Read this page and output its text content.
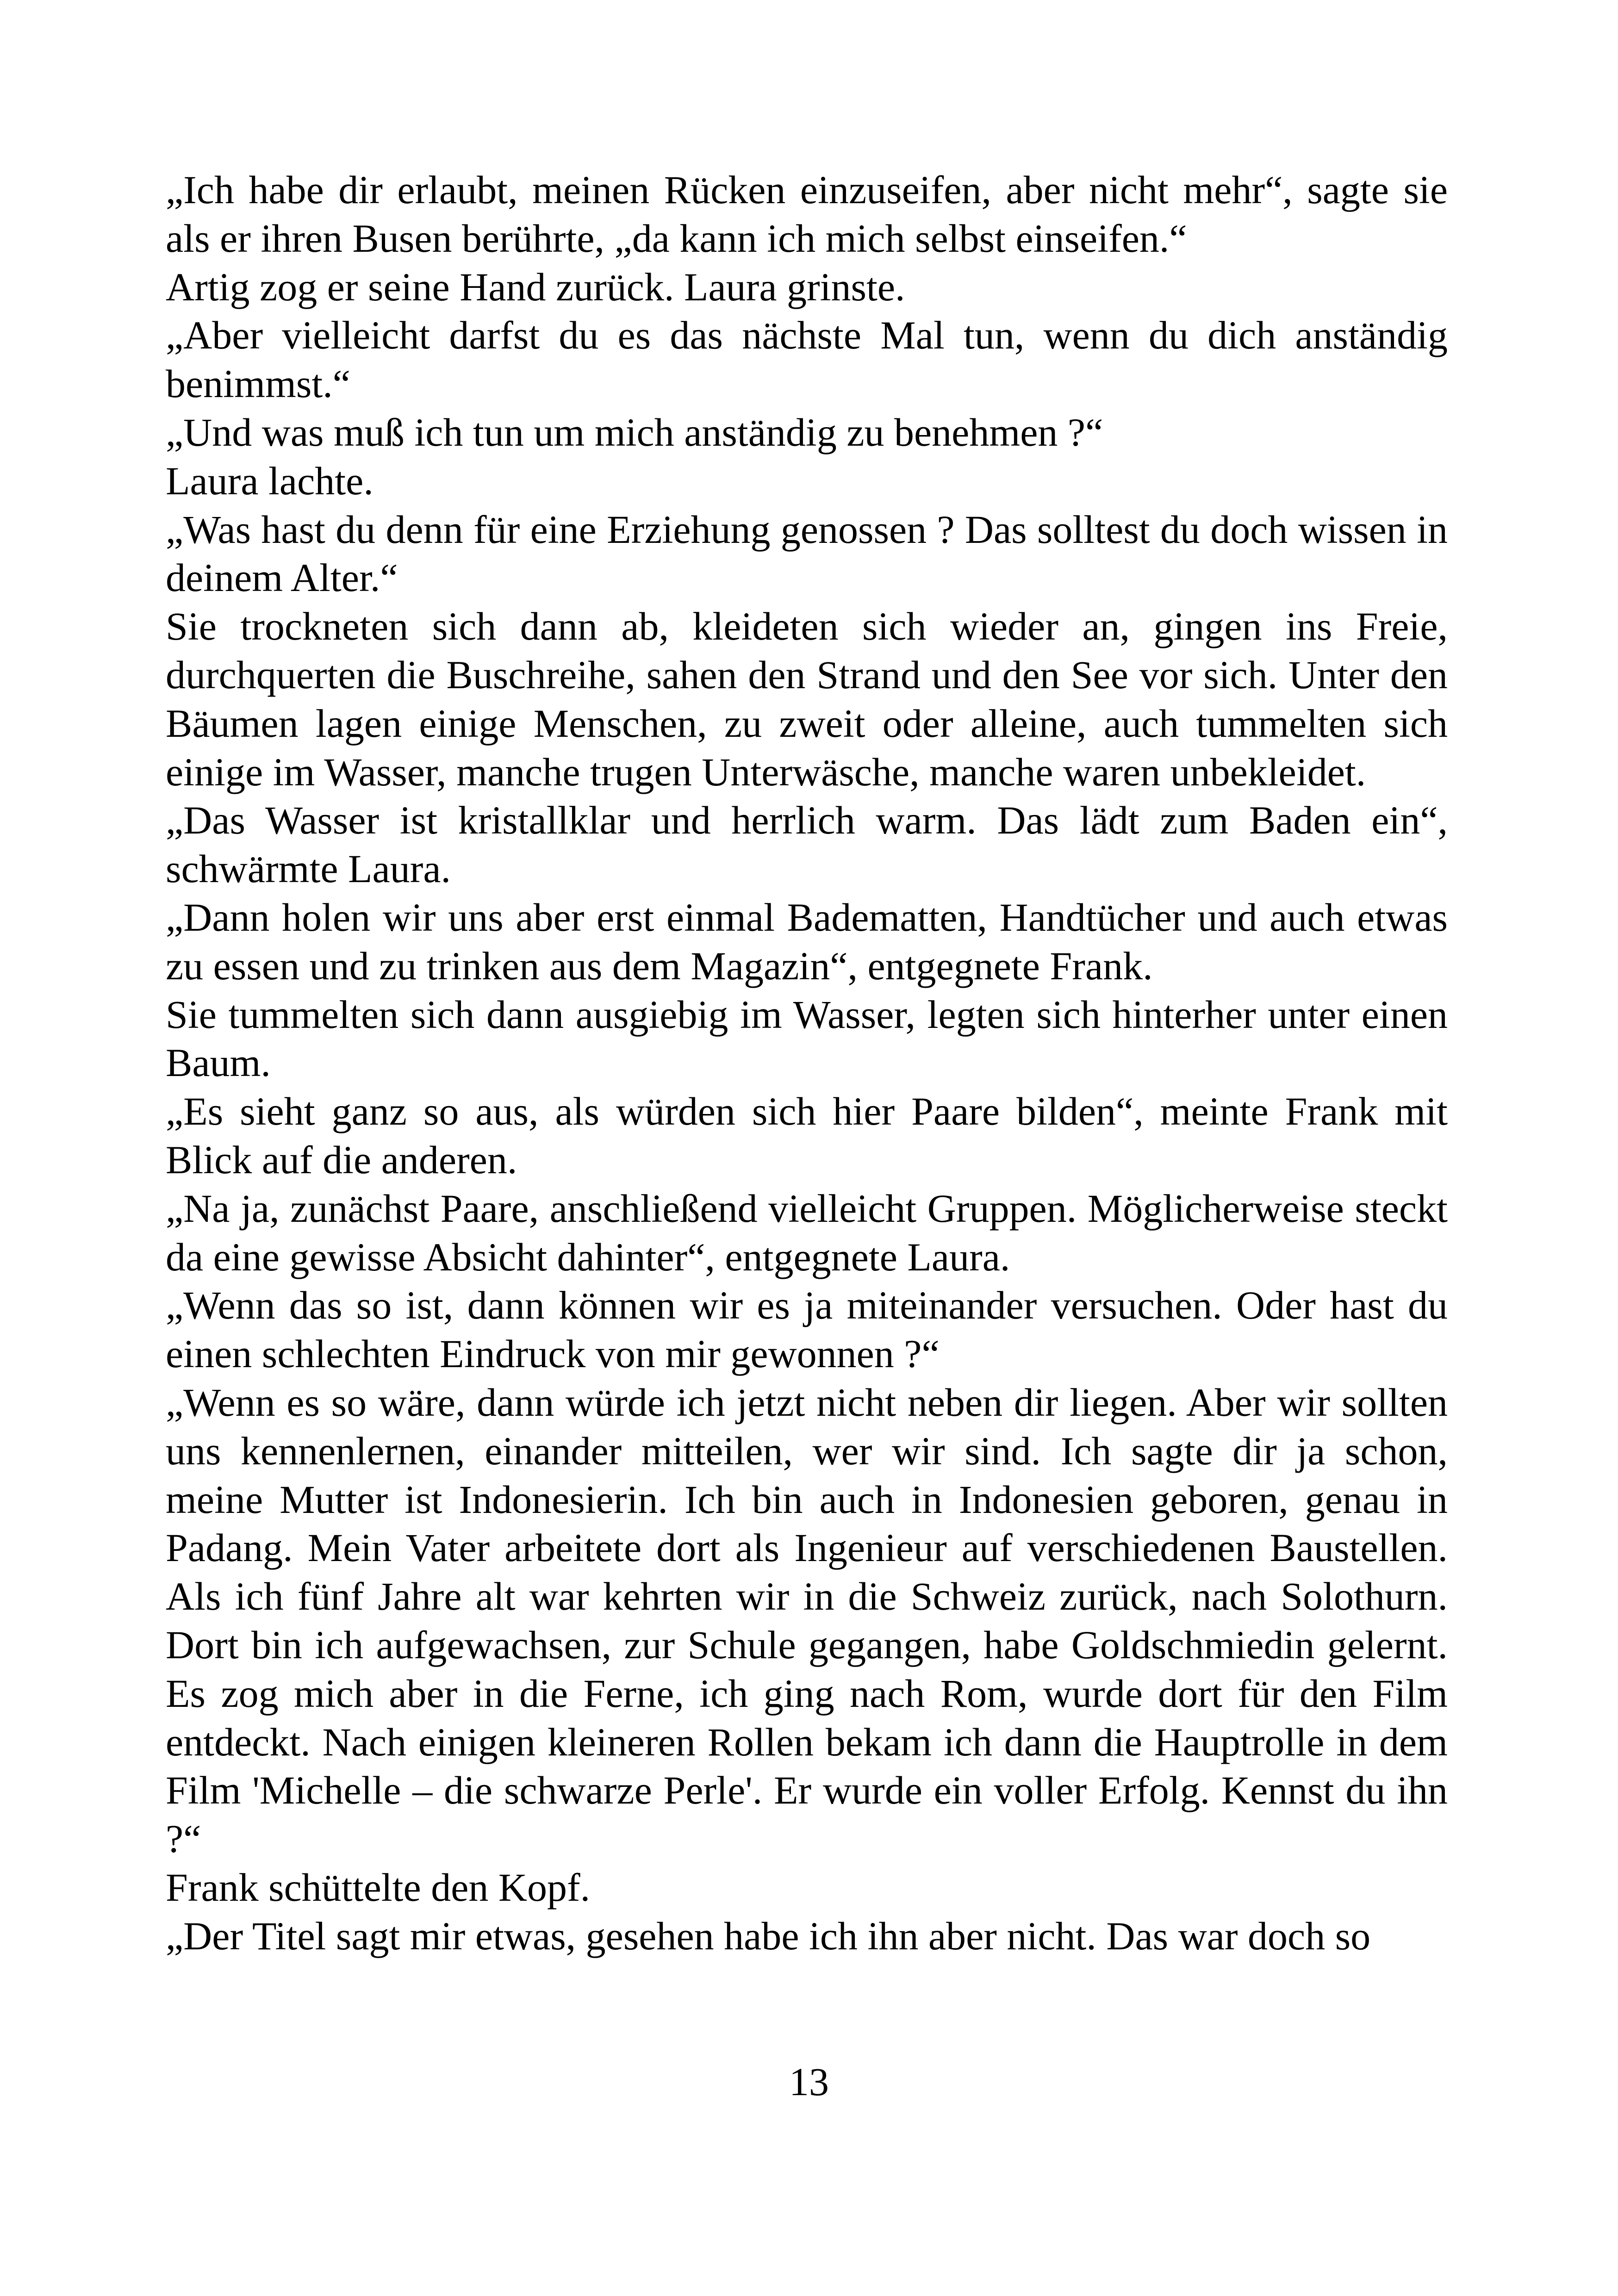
„Ich habe dir erlaubt, meinen Rücken einzuseifen, aber nicht mehr“, sagte sie als er ihren Busen berührte, „da kann ich mich selbst einseifen.“

Artig zog er seine Hand zurück. Laura grinste.

„Aber vielleicht darfst du es das nächste Mal tun, wenn du dich anständig benimmst.“

„Und was muß ich tun um mich anständig zu benehmen ?“

Laura lachte.

„Was hast du denn für eine Erziehung genossen ? Das solltest du doch wissen in deinem Alter.“

Sie trockneten sich dann ab, kleideten sich wieder an, gingen ins Freie, durchquerten die Buschreihe, sahen den Strand und den See vor sich. Unter den Bäumen lagen einige Menschen, zu zweit oder alleine, auch tummelten sich einige im Wasser, manche trugen Unterwäsche, manche waren unbekleidet.

„Das Wasser ist kristallklar und herrlich warm. Das lädt zum Baden ein“, schwärmte Laura.

„Dann holen wir uns aber erst einmal Badematten, Handtücher und auch etwas zu essen und zu trinken aus dem Magazin“, entgegnete Frank.

Sie tummelten sich dann ausgiebig im Wasser, legten sich hinterher unter einen Baum.

„Es sieht ganz so aus, als würden sich hier Paare bilden“, meinte Frank mit Blick auf die anderen.

„Na ja, zunächst Paare, anschließend vielleicht Gruppen. Möglicherweise steckt da eine gewisse Absicht dahinter“, entgegnete Laura.

„Wenn das so ist, dann können wir es ja miteinander versuchen. Oder hast du einen schlechten Eindruck von mir gewonnen ?“

„Wenn es so wäre, dann würde ich jetzt nicht neben dir liegen. Aber wir sollten uns kennenlernen, einander mitteilen, wer wir sind. Ich sagte dir ja schon, meine Mutter ist Indonesierin. Ich bin auch in Indonesien geboren, genau in Padang. Mein Vater arbeitete dort als Ingenieur auf verschiedenen Baustellen. Als ich fünf Jahre alt war kehrten wir in die Schweiz zurück, nach Solothurn. Dort bin ich aufgewachsen, zur Schule gegangen, habe Goldschmiedin gelernt. Es zog mich aber in die Ferne, ich ging nach Rom, wurde dort für den Film entdeckt. Nach einigen kleineren Rollen bekam ich dann die Hauptrolle in dem Film 'Michelle – die schwarze Perle'. Er wurde ein voller Erfolg. Kennst du ihn ?“

Frank schüttelte den Kopf.

„Der Titel sagt mir etwas, gesehen habe ich ihn aber nicht. Das war doch so

13
